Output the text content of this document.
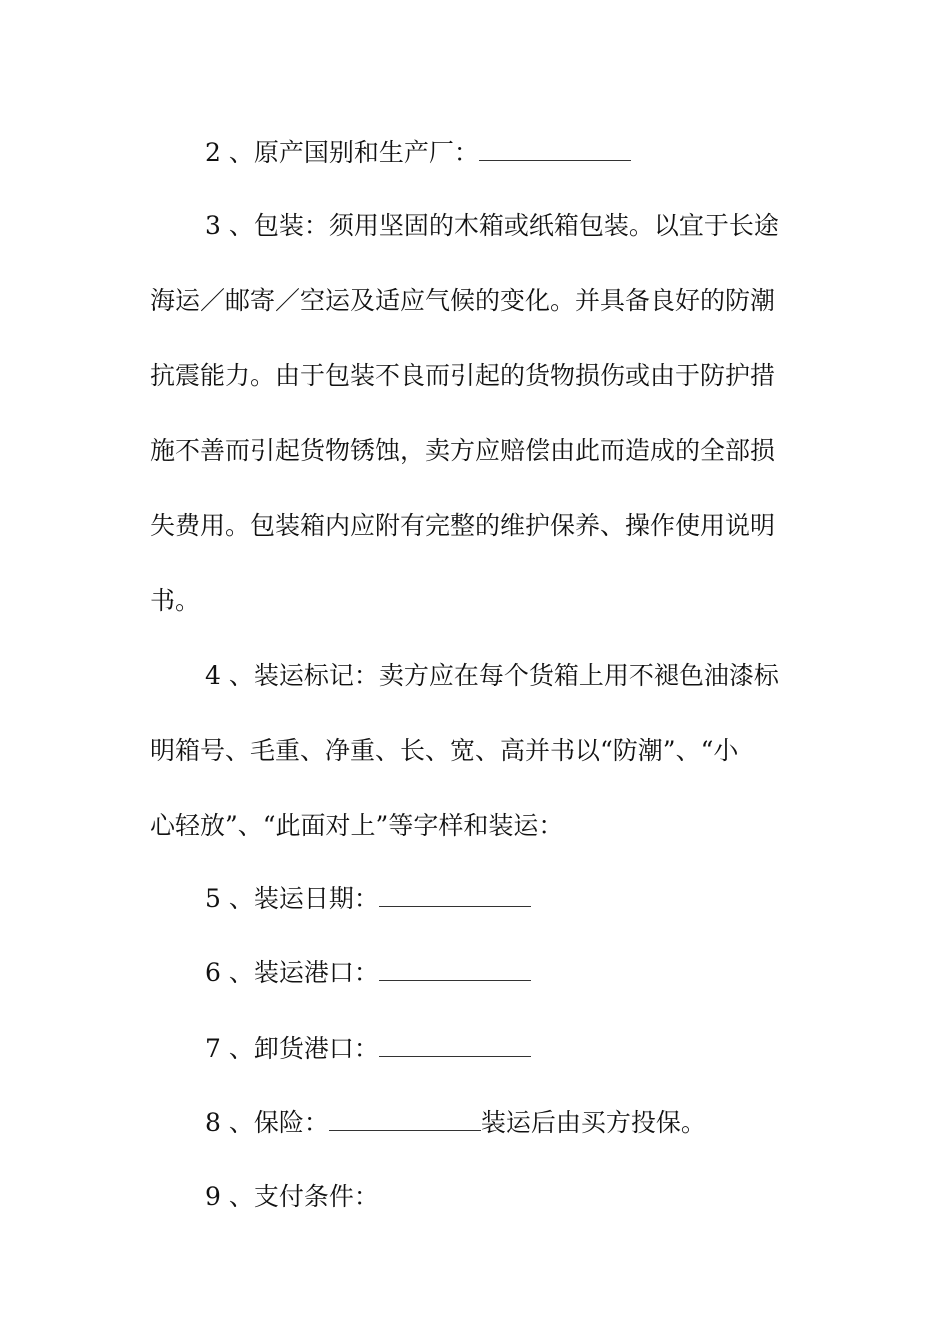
2 、原产国别和生产厂：
3 、包装：须用坚固的木箱或纸箱包装。以宜于长途
海运／邮寄／空运及适应气候的变化。并具备良好的防潮
抗震能力。由于包装不良而引起的货物损伤或由于防护措
施不善而引起货物锈蚀，卖方应赔偿由此而造成的全部损
失费用。包装箱内应附有完整的维护保养、操作使用说明
书。
4 、装运标记：卖方应在每个货箱上用不褪色油漆标
明箱号、毛重、净重、长、宽、高并书以“防潮”、“小
心轻放”、“此面对上”等字样和装运：
5 、装运日期：
6 、装运港口：
7 、卸货港口：
8 、保险：	装运后由买方投保。
9 、支付条件：
